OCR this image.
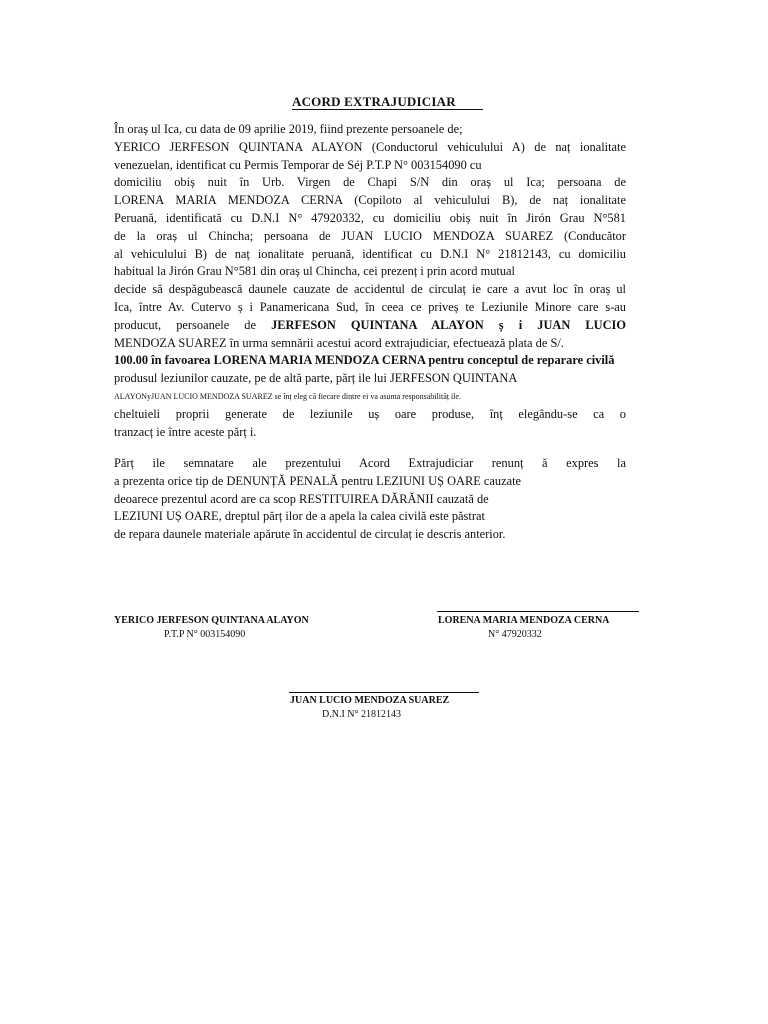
ACORD EXTRAJUDICIAR
În oraș ul Ica, cu data de 09 aprilie 2019, fiind prezente persoanele de;
YERICO JERFESON QUINTANA ALAYON (Conductorul vehiculului A) de naț ionalitate
venezuelan, identificat cu Permis Temporar de Séj P.T.P N° 003154090 cu
domiciliu obiș nuit în Urb. Virgen de Chapi S/N din oraș ul Ica; persoana de
LORENA MARIA MENDOZA CERNA (Copiloto al vehiculului B), de naț ionalitate
Peruană, identificată cu D.N.I N° 47920332, cu domiciliu obiș nuit în Jirón Grau N°581
de la oraș ul Chincha; persoana de JUAN LUCIO MENDOZA SUAREZ (Conducător
al vehiculului B) de naț ionalitate peruană, identificat cu D.N.I N° 21812143, cu domiciliu
habitual la Jirón Grau N°581 din oraș ul Chincha, cei prezenț i prin acord mutual
decide să despăgubească daunele cauzate de accidentul de circulaț ie care a avut loc în oraș ul
Ica, între Av. Cutervo ș i Panamericana Sud, în ceea ce priveș te Leziunile Minore care s-au
producut, persoanele de JERFESON QUINTANA ALAYON ș i JUAN LUCIO
MENDOZA SUAREZ în urma semnării acestui acord extrajudiciar, efectuează plata de S/.
100.00 în favoarea LORENA MARIA MENDOZA CERNA pentru conceptul de reparare civilă
produsul leziunilor cauzate, pe de altă parte, părț ile lui JERFESON QUINTANA
ALAYONyJUAN LUCIO MENDOZA SUAREZ se înț eleg că fiecare dintre ei va asuma responsabilităț ile.
cheltuieli proprii generate de leziunile uș oare produse, înț elegându-se ca o
tranzacț ie între aceste părț i.
Părț ile semnatare ale prezentului Acord Extrajudiciar renunț ă expres la
a prezenta orice tip de DENUNȚĂ PENALĂ pentru LEZIUNI UȘ OARE cauzate
deoarece prezentul acord are ca scop RESTITUIREA DĂRĂNII cauzată de
LEZIUNI UȘ OARE, dreptul părț ilor de a apela la calea civilă este păstrat
de repara daunele materiale apărute în accidentul de circulaț ie descris anterior.
YERICO JERFESON QUINTANA ALAYON
P.T.P N° 003154090
LORENA MARIA MENDOZA CERNA
N° 47920332
JUAN LUCIO MENDOZA SUAREZ
D.N.I N° 21812143
